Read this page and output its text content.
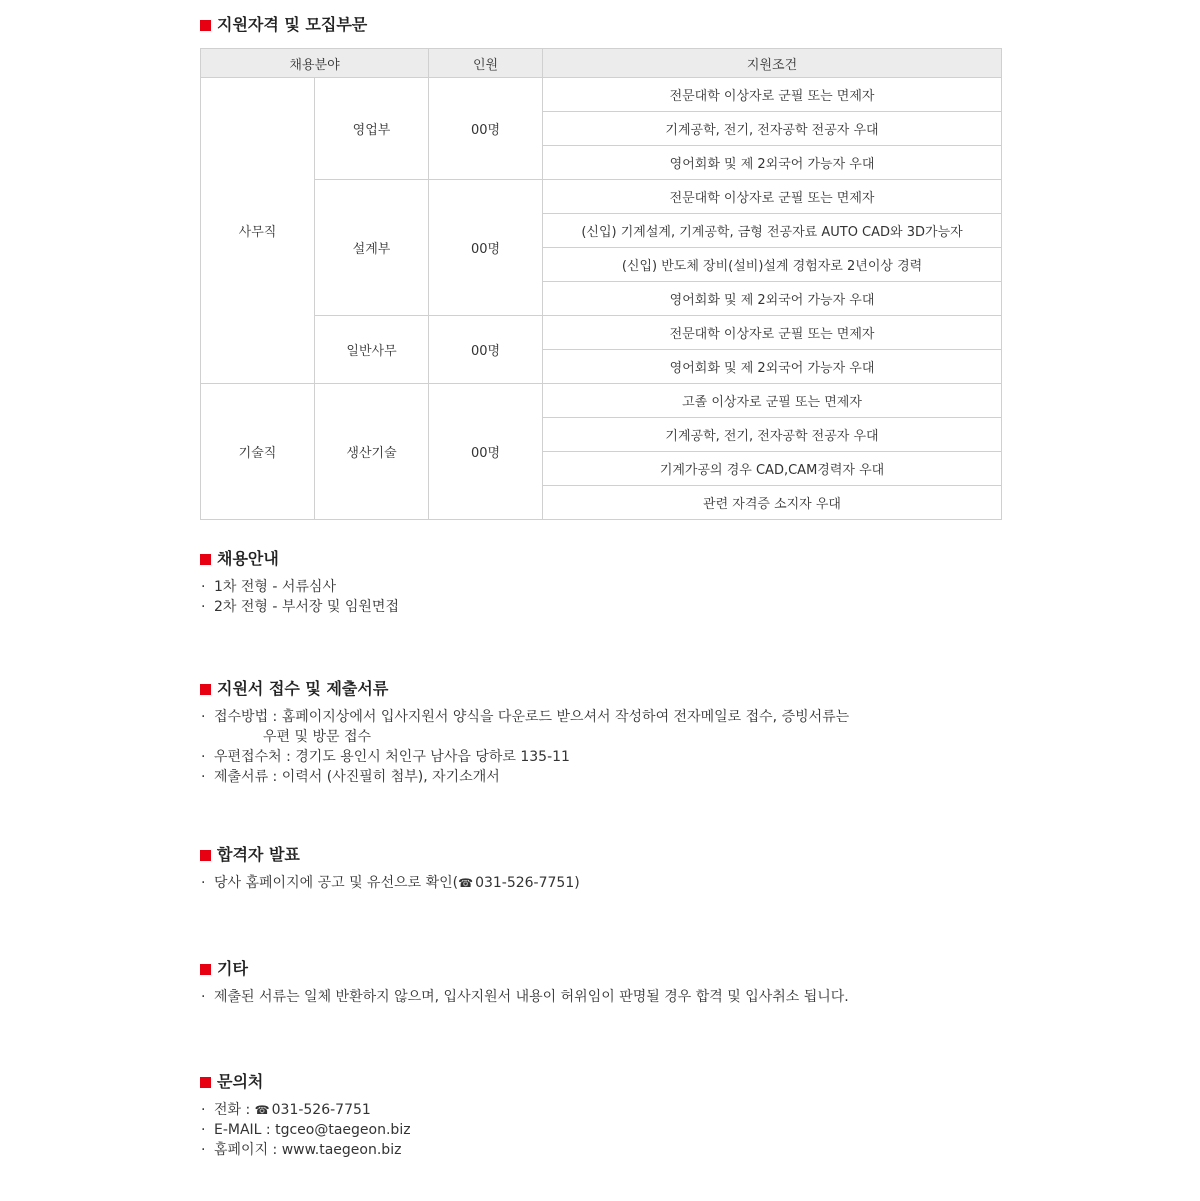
지원자격 및 모집부문
채용분야		인원	지원조건
사무직	영업부	00명	전문대학 이상자로 군필 또는 면제자
			기계공학, 전기, 전자공학 전공자 우대
			영어회화 및 제 2외국어 가능자 우대
	설계부	00명	전문대학 이상자로 군필 또는 면제자
			(신입) 기계설계, 기계공학, 금형 전공자료 AUTO CAD와 3D가능자
			(신입) 반도체 장비(설비)설계 경험자로 2년이상 경력
			영어회화 및 제 2외국어 가능자 우대
	일반사무	00명	전문대학 이상자로 군필 또는 면제자
			영어회화 및 제 2외국어 가능자 우대
기술직	생산기술	00명	고졸 이상자로 군필 또는 면제자
			기계공학, 전기, 전자공학 전공자 우대
			기계가공의 경우 CAD,CAM경력자 우대
			관련 자격증 소지자 우대
채용안내
· 1차 전형 - 서류심사
· 2차 전형 - 부서장 및 임원면접
지원서 접수 및 제출서류
· 접수방법 : 홈페이지상에서 입사지원서 양식을 다운로드 받으셔서 작성하여 전자메일로 접수, 증빙서류는
우편 및 방문 접수
· 우편접수처 : 경기도 용인시 처인구 남사읍 당하로 135-11
· 제출서류 : 이력서 (사진필히 첨부), 자기소개서
합격자 발표
· 당사 홈페이지에 공고 및 유선으로 확인(☎ 031-526-7751)
기타
· 제출된 서류는 일체 반환하지 않으며, 입사지원서 내용이 허위임이 판명될 경우 합격 및 입사취소 됩니다.
문의처
· 전화 : ☎ 031-526-7751
· E-MAIL : tgceo@taegeon.biz
· 홈페이지 : www.taegeon.biz
